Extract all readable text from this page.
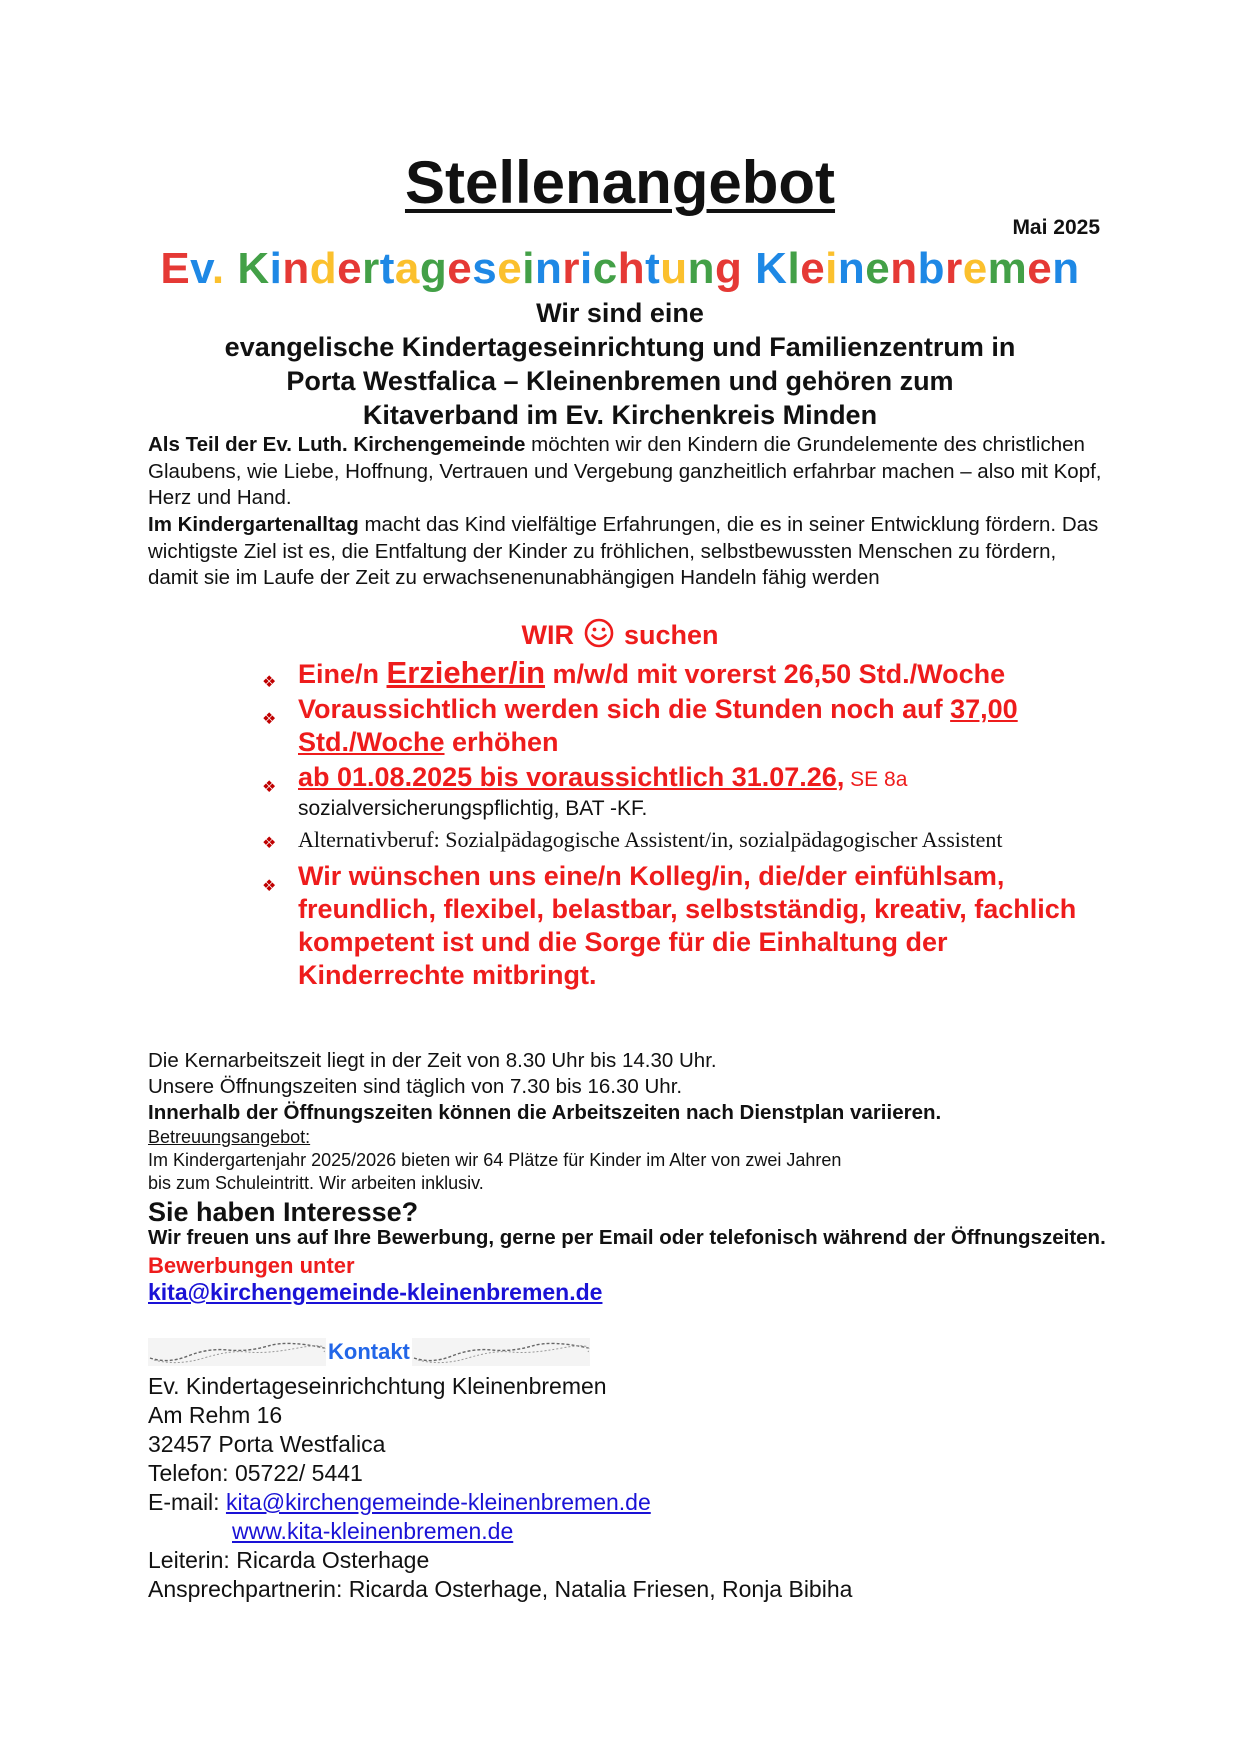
Stellenangebot
Mai 2025
Ev. Kindertageseinrichtung Kleinenbremen
Wir sind eine
evangelische Kindertageseinrichtung und Familienzentrum in
Porta Westfalica – Kleinenbremen und gehören zum
Kitaverband im Ev. Kirchenkreis Minden
Als Teil der Ev. Luth. Kirchengemeinde möchten wir den Kindern die Grundelemente des christlichen Glaubens, wie Liebe, Hoffnung, Vertrauen und Vergebung ganzheitlich erfahrbar machen – also mit Kopf, Herz und Hand.
Im Kindergartenalltag macht das Kind vielfältige Erfahrungen, die es in seiner Entwicklung fördern. Das wichtigste Ziel ist es, die Entfaltung der Kinder zu fröhlichen, selbstbewussten Menschen zu fördern, damit sie im Laufe der Zeit zu erwachsenenunabhängigen Handeln fähig werden
WIR suchen
❖ Eine/n Erzieher/in m/w/d mit vorerst 26,50 Std./Woche
❖ Voraussichtlich werden sich die Stunden noch auf 37,00 Std./Woche erhöhen
❖ ab 01.08.2025 bis voraussichtlich 31.07.26, SE 8a
sozialversicherungspflichtig, BAT -KF.
❖ Alternativberuf: Sozialpädagogische Assistent/in, sozialpädagogischer Assistent
❖ Wir wünschen uns eine/n Kolleg/in, die/der einfühlsam, freundlich, flexibel, belastbar, selbstständig, kreativ, fachlich kompetent ist und die Sorge für die Einhaltung der Kinderrechte mitbringt.
Die Kernarbeitszeit liegt in der Zeit von 8.30 Uhr bis 14.30 Uhr.
Unsere Öffnungszeiten sind täglich von 7.30 bis 16.30 Uhr.
Innerhalb der Öffnungszeiten können die Arbeitszeiten nach Dienstplan variieren.
Betreuungsangebot:
Im Kindergartenjahr 2025/2026 bieten wir 64 Plätze für Kinder im Alter von zwei Jahren
bis zum Schuleintritt. Wir arbeiten inklusiv.
Sie haben Interesse?
Wir freuen uns auf Ihre Bewerbung, gerne per Email oder telefonisch während der Öffnungszeiten.
Bewerbungen unter
kita@kirchengemeinde-kleinenbremen.de
Kontakt
Ev. Kindertageseinrichchtung Kleinenbremen
Am Rehm 16
32457 Porta Westfalica
Telefon: 05722/ 5441
E-mail: kita@kirchengemeinde-kleinenbremen.de
www.kita-kleinenbremen.de
Leiterin: Ricarda Osterhage
Ansprechpartnerin: Ricarda Osterhage, Natalia Friesen, Ronja Bibiha
